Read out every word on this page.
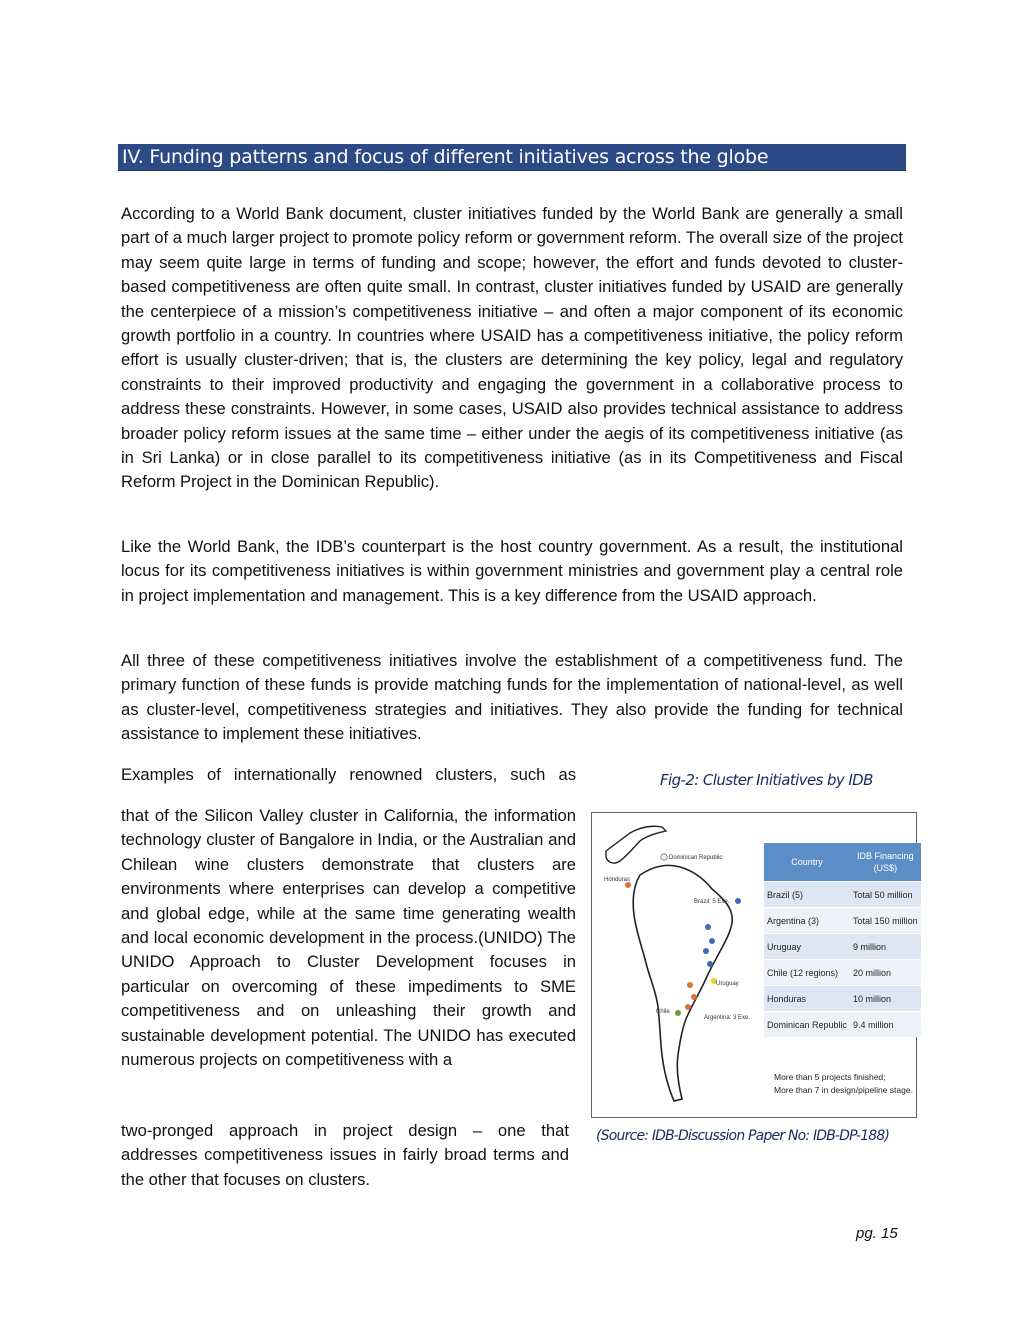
IV. Funding patterns and focus of different initiatives across the globe

According to a World Bank document, cluster initiatives funded by the World Bank are generally a small part of a much larger project to promote policy reform or government reform. The overall size of the project may seem quite large in terms of funding and scope; however, the effort and funds devoted to cluster-based competitiveness are often quite small. In contrast, cluster initiatives funded by USAID are generally the centerpiece of a mission’s competitiveness initiative – and often a major component of its economic growth portfolio in a country. In countries where USAID has a competitiveness initiative, the policy reform effort is usually cluster-driven; that is, the clusters are determining the key policy, legal and regulatory constraints to their improved productivity and engaging the government in a collaborative process to address these constraints. However, in some cases, USAID also provides technical assistance to address broader policy reform issues at the same time – either under the aegis of its competitiveness initiative (as in Sri Lanka) or in close parallel to its competitiveness initiative (as in its Competitiveness and Fiscal Reform Project in the Dominican Republic).

Like the World Bank, the IDB’s counterpart is the host country government. As a result, the institutional locus for its competitiveness initiatives is within government ministries and government play a central role in project implementation and management. This is a key difference from the USAID approach.

All three of these competitiveness initiatives involve the establishment of a competitiveness fund. The primary function of these funds is provide matching funds for the implementation of national-level, as well as cluster-level, competitiveness strategies and initiatives. They also provide the funding for technical assistance to implement these initiatives.

Examples of internationally renowned clusters, such as

that of the Silicon Valley cluster in California, the information technology cluster of Bangalore in India, or the Australian and Chilean wine clusters demonstrate that clusters are environments where enterprises can develop a competitive and global edge, while at the same time generating wealth and local economic development in the process.(UNIDO) The UNIDO Approach to Cluster Development focuses in particular on overcoming of these impediments to SME competitiveness and on unleashing their growth and sustainable development potential. The UNIDO has executed numerous projects on competitiveness with a

two-pronged approach in project design – one that addresses competitiveness issues in fairly broad terms and the other that focuses on clusters.

Fig-2: Cluster Initiatives by IDB
Dominican Republic
Honduras
Brazil: 5 Exe.
Uruguay
Chile
Argentina: 3 Exe.
Country	IDB Financing (US$)
Brazil (5)	Total 50 million
Argentina (3)	Total 150 million
Uruguay	9 million
Chile (12 regions)	20 million
Honduras	10 million
Dominican Republic	9.4 million
More than 5 projects finished;
More than 7 in design/pipeline stage.
(Source: IDB-Discussion Paper No: IDB-DP-188)
pg. 15
